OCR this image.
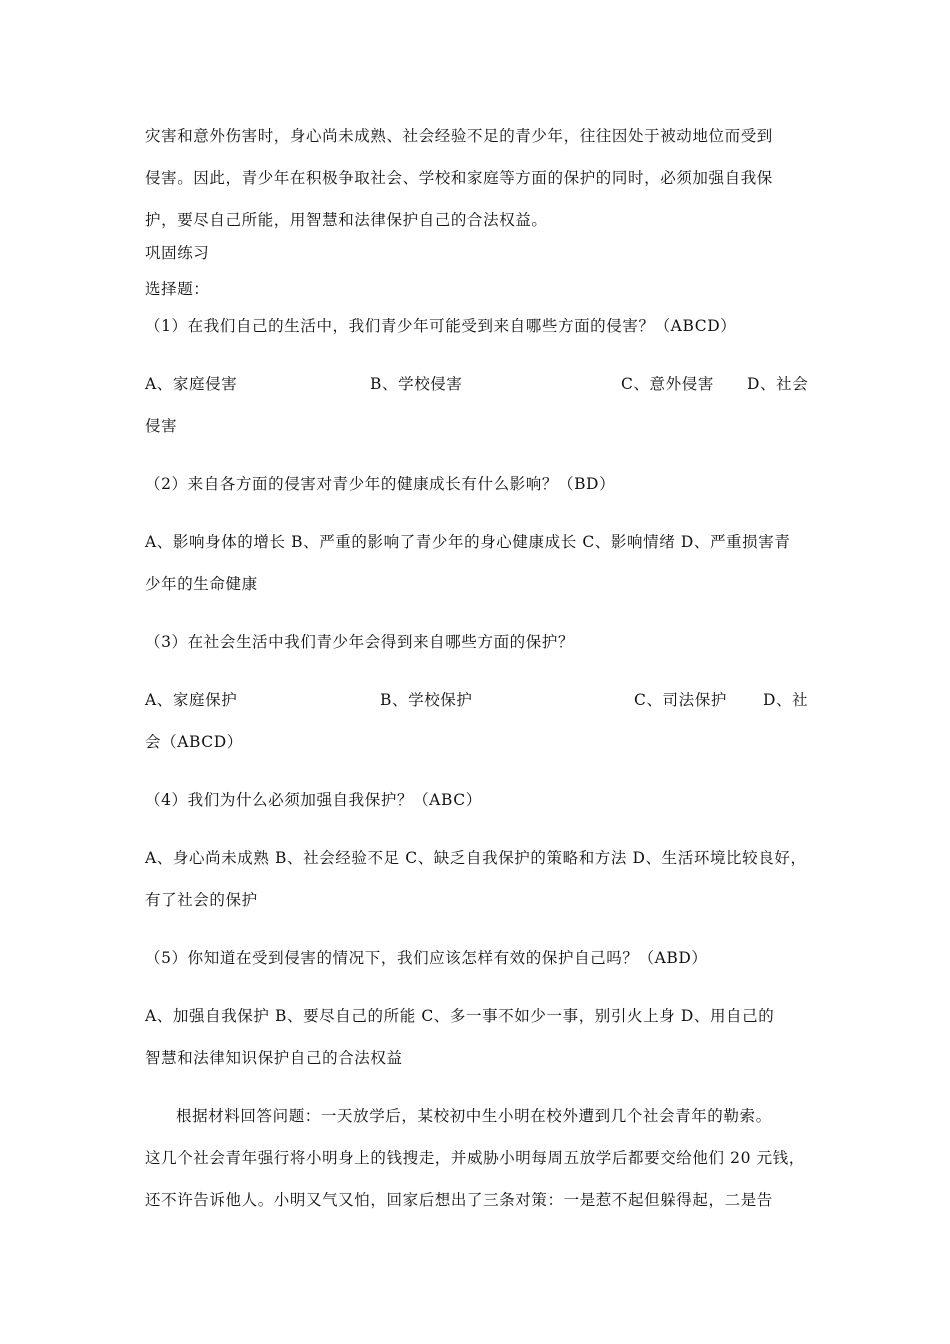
灾害和意外伤害时，身心尚未成熟、社会经验不足的青少年，往往因处于被动地位而受到
侵害。因此，青少年在积极争取社会、学校和家庭等方面的保护的同时，必须加强自我保
护，要尽自己所能，用智慧和法律保护自己的合法权益。
巩固练习
选择题：
（1）在我们自己的生活中，我们青少年可能受到来自哪些方面的侵害？（ABCD）
A、家庭侵害	B、学校侵害	C、意外侵害 D、社会
侵害
（2）来自各方面的侵害对青少年的健康成长有什么影响？（BD）
A、影响身体的增长 B、严重的影响了青少年的身心健康成长 C、影响情绪 D、严重损害青
少年的生命健康
（3）在社会生活中我们青少年会得到来自哪些方面的保护？
A、家庭保护	B、学校保护	C、司法保护 D、社
会（ABCD）
（4）我们为什么必须加强自我保护？（ABC）
A、身心尚未成熟 B、社会经验不足 C、缺乏自我保护的策略和方法 D、生活环境比较良好，
有了社会的保护
（5）你知道在受到侵害的情况下，我们应该怎样有效的保护自己吗？（ABD）
A、加强自我保护 B、要尽自己的所能 C、多一事不如少一事，别引火上身 D、用自己的
智慧和法律知识保护自己的合法权益
根据材料回答问题：一天放学后，某校初中生小明在校外遭到几个社会青年的勒索。
这几个社会青年强行将小明身上的钱搜走，并威胁小明每周五放学后都要交给他们 20 元钱，
还不许告诉他人。小明又气又怕，回家后想出了三条对策：一是惹不起但躲得起，二是告
